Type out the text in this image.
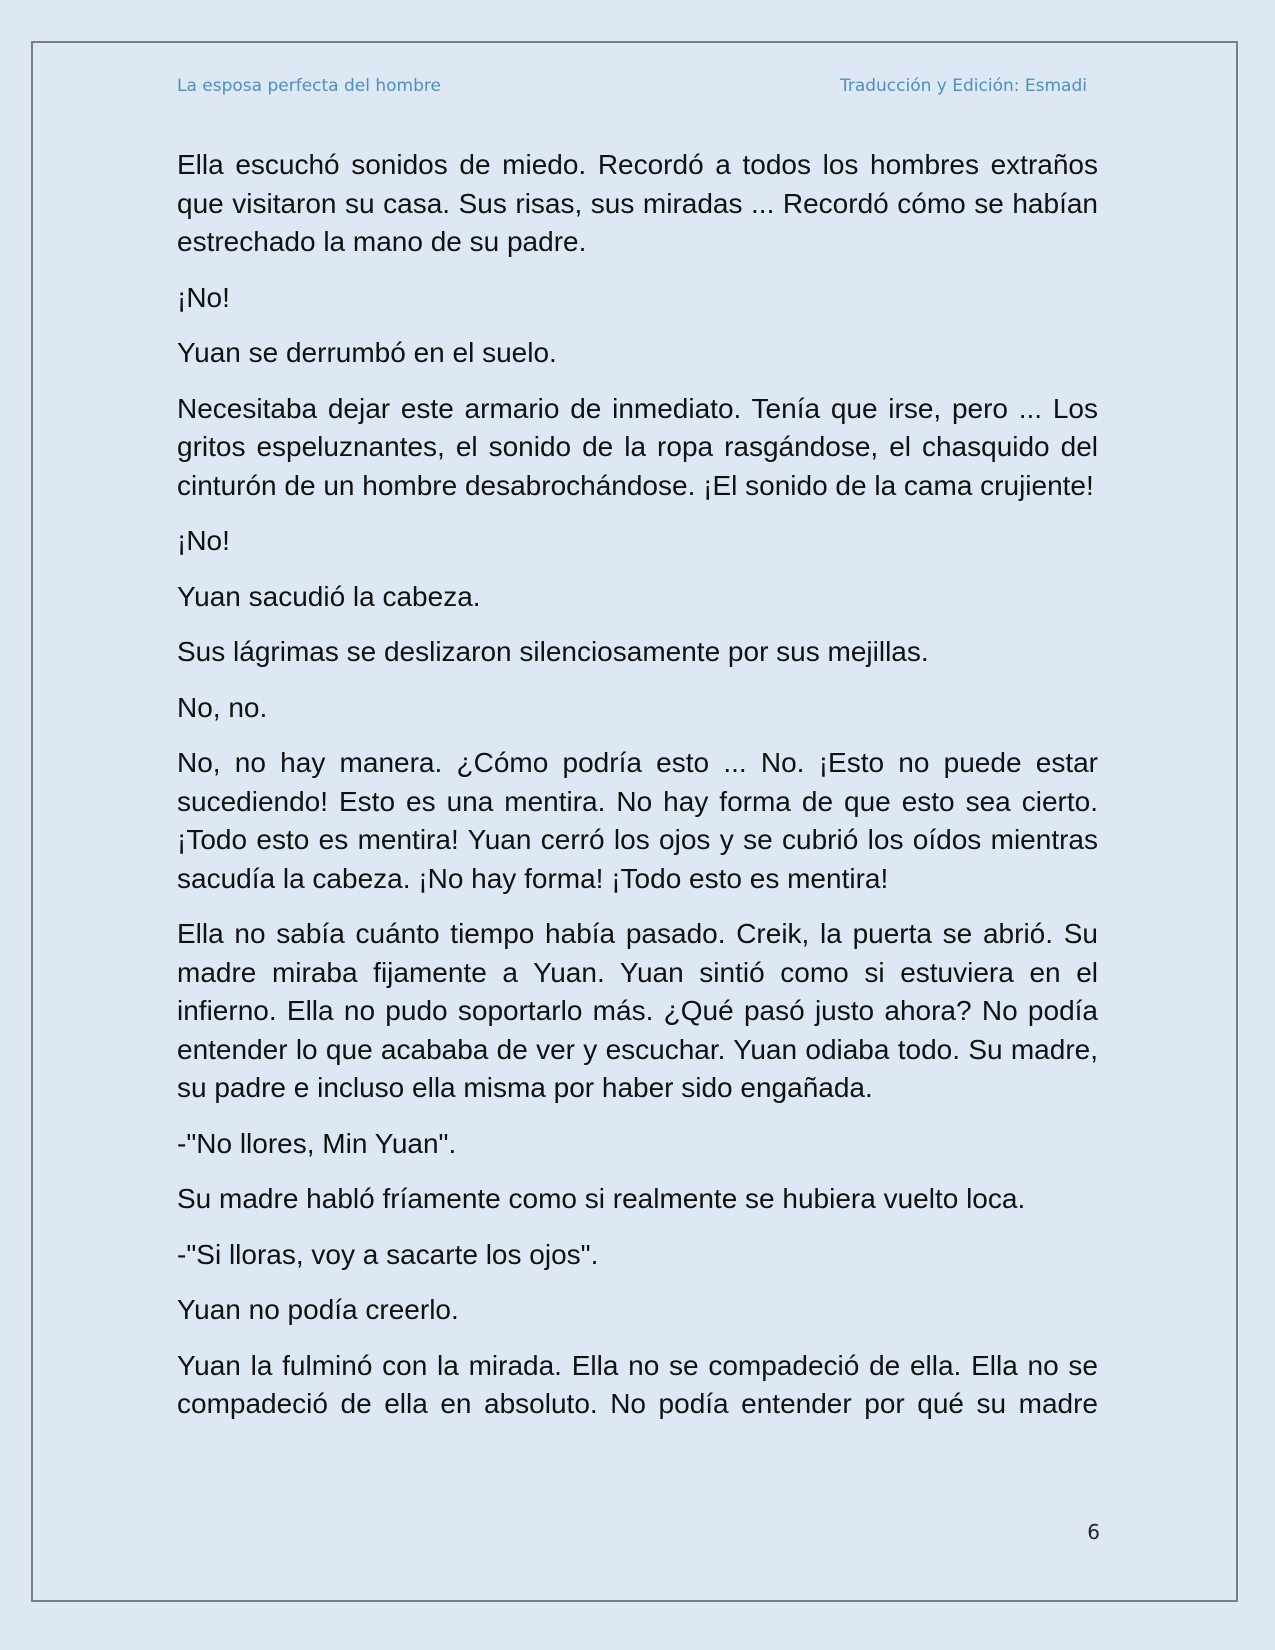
La esposa perfecta del hombre	Traducción y Edición: Esmadi

Ella escuchó sonidos de miedo. Recordó a todos los hombres extraños que visitaron su casa. Sus risas, sus miradas ... Recordó cómo se habían estrechado la mano de su padre.

¡No!

Yuan se derrumbó en el suelo.

Necesitaba dejar este armario de inmediato. Tenía que irse, pero ... Los gritos espeluznantes, el sonido de la ropa rasgándose, el chasquido del cinturón de un hombre desabrochándose. ¡El sonido de la cama crujiente!

¡No!

Yuan sacudió la cabeza.

Sus lágrimas se deslizaron silenciosamente por sus mejillas.

No, no.

No, no hay manera. ¿Cómo podría esto ... No. ¡Esto no puede estar sucediendo! Esto es una mentira. No hay forma de que esto sea cierto. ¡Todo esto es mentira! Yuan cerró los ojos y se cubrió los oídos mientras sacudía la cabeza. ¡No hay forma! ¡Todo esto es mentira!

Ella no sabía cuánto tiempo había pasado. Creik, la puerta se abrió. Su madre miraba fijamente a Yuan. Yuan sintió como si estuviera en el infierno. Ella no pudo soportarlo más. ¿Qué pasó justo ahora? No podía entender lo que acababa de ver y escuchar. Yuan odiaba todo. Su madre, su padre e incluso ella misma por haber sido engañada.

-"No llores, Min Yuan".

Su madre habló fríamente como si realmente se hubiera vuelto loca.

-"Si lloras, voy a sacarte los ojos".

Yuan no podía creerlo.

Yuan la fulminó con la mirada. Ella no se compadeció de ella. Ella no se compadeció de ella en absoluto. No podía entender por qué su madre

6
